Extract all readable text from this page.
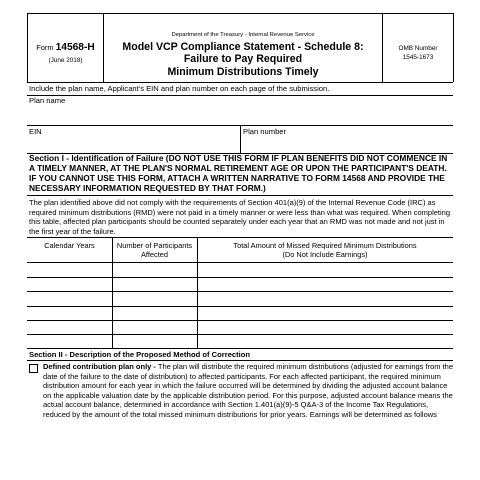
Form 14568-H
(June 2018)
Department of the Treasury - Internal Revenue Service
Model VCP Compliance Statement - Schedule 8:
Failure to Pay Required
Minimum Distributions Timely
OMB Number
1545-1673
Include the plan name, Applicant's EIN and plan number on each page of the submission.
Plan name
EIN	Plan number
Section I - Identification of Failure (DO NOT USE THIS FORM IF PLAN BENEFITS DID NOT COMMENCE IN A TIMELY MANNER, AT THE PLAN'S NORMAL RETIREMENT AGE OR UPON THE PARTICIPANT'S DEATH. IF YOU CANNOT USE THIS FORM, ATTACH A WRITTEN NARRATIVE TO FORM 14568 AND PROVIDE THE NECESSARY INFORMATION REQUESTED BY THAT FORM.)
The plan identified above did not comply with the requirements of Section 401(a)(9) of the Internal Revenue Code (IRC) as required minimum distributions (RMD) were not paid in a timely manner or were less than what was required. When completing this table, affected plan participants should be counted separately under each year that an RMD was not made and not just in the first year of the failure.
Calendar Years	Number of Participants
Affected
Total Amount of Missed Required Minimum Distributions
(Do Not Include Earnings)
Section II - Description of the Proposed Method of Correction
Defined contribution plan only - The plan will distribute the required minimum distributions (adjusted for earnings from the date of the failure to the date of distribution) to affected participants. For each affected participant, the required minimum distribution amount for each year in which the failure occurred will be determined by dividing the adjusted account balance on the applicable valuation date by the applicable distribution period. For this purpose, adjusted account balance means the actual account balance, determined in accordance with Section 1.401(a)(9)-5 Q&A-3 of the Income Tax Regulations, reduced by the amount of the total missed minimum distributions for prior years. Earnings will be determined as follows
